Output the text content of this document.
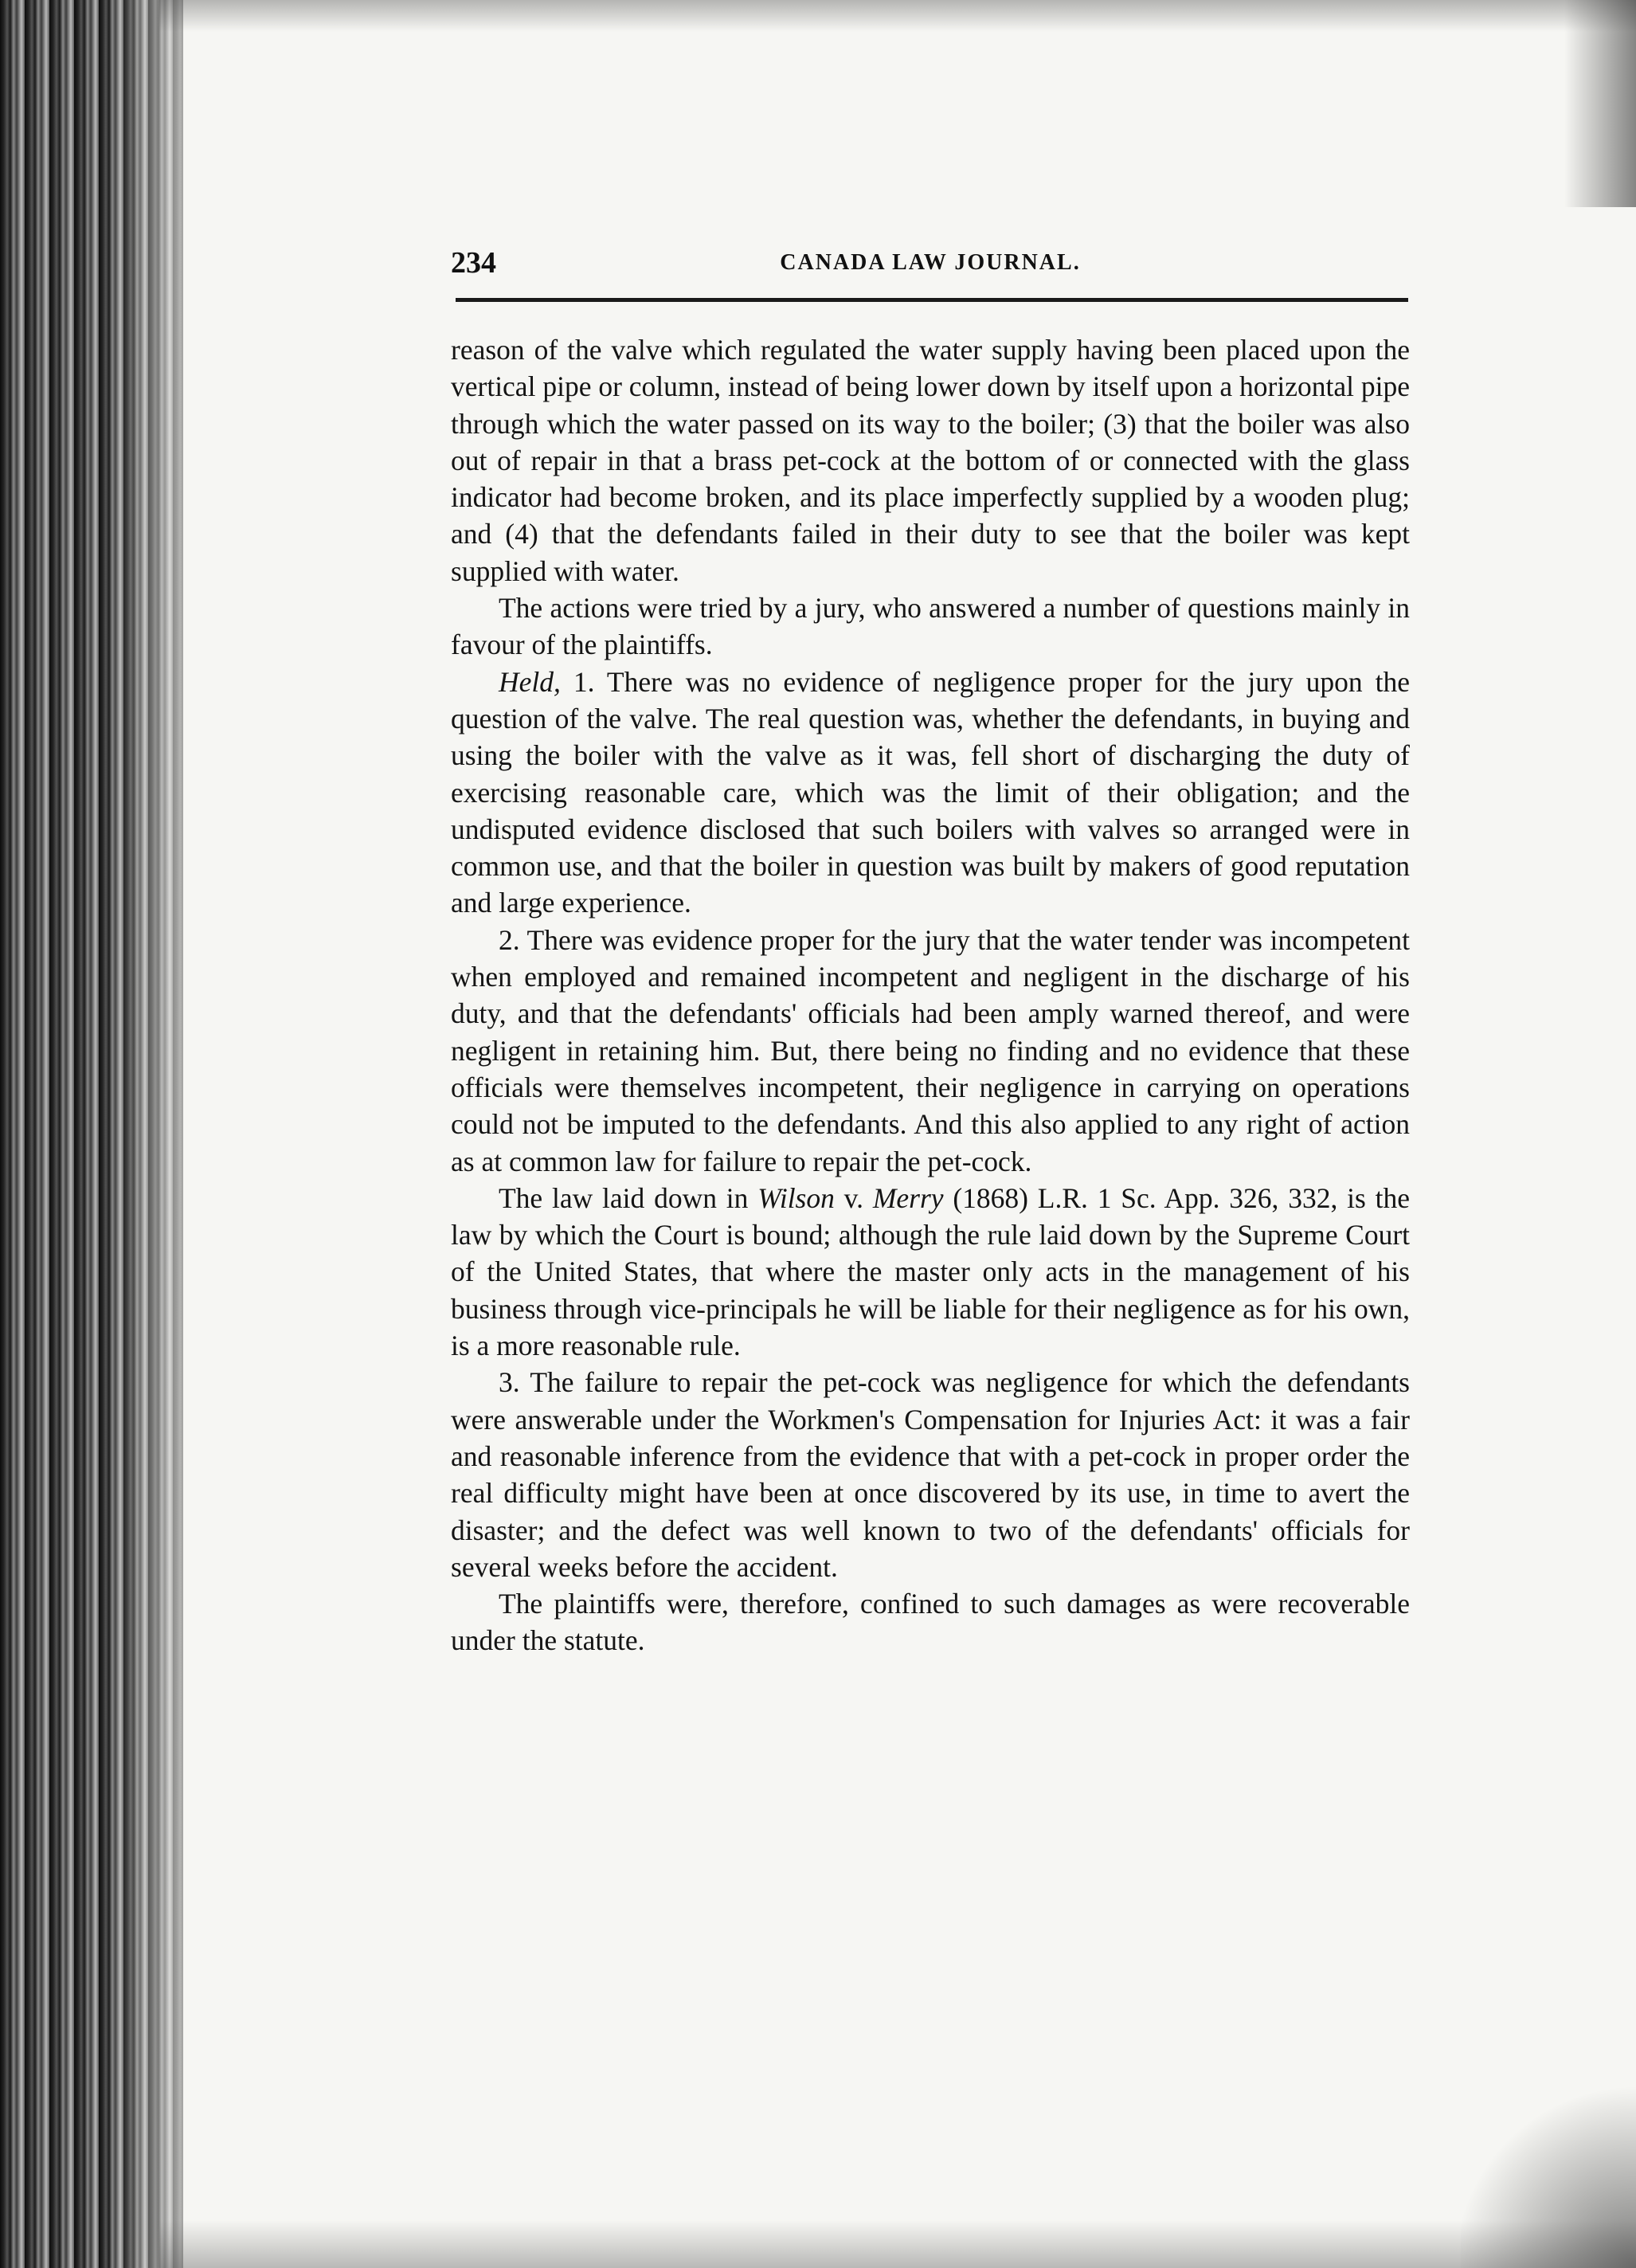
234	CANADA LAW JOURNAL.

reason of the valve which regulated the water supply having been placed upon the vertical pipe or column, instead of being lower down by itself upon a horizontal pipe through which the water passed on its way to the boiler; (3) that the boiler was also out of repair in that a brass pet-cock at the bottom of or connected with the glass indicator had become broken, and its place imperfectly supplied by a wooden plug; and (4) that the defendants failed in their duty to see that the boiler was kept supplied with water.

The actions were tried by a jury, who answered a number of questions mainly in favour of the plaintiffs.

Held, 1. There was no evidence of negligence proper for the jury upon the question of the valve. The real question was, whether the defendants, in buying and using the boiler with the valve as it was, fell short of discharging the duty of exercising reasonable care, which was the limit of their obligation; and the undisputed evidence disclosed that such boilers with valves so arranged were in common use, and that the boiler in question was built by makers of good reputation and large experience.

2. There was evidence proper for the jury that the water tender was incompetent when employed and remained incompetent and negligent in the discharge of his duty, and that the defendants' officials had been amply warned thereof, and were negligent in retaining him. But, there being no finding and no evidence that these officials were themselves incompetent, their negligence in carrying on operations could not be imputed to the defendants. And this also applied to any right of action as at common law for failure to repair the pet-cock.

The law laid down in Wilson v. Merry (1868) L.R. 1 Sc. App. 326, 332, is the law by which the Court is bound; although the rule laid down by the Supreme Court of the United States, that where the master only acts in the management of his business through vice-principals he will be liable for their negligence as for his own, is a more reasonable rule.

3. The failure to repair the pet-cock was negligence for which the defendants were answerable under the Workmen's Compensation for Injuries Act: it was a fair and reasonable inference from the evidence that with a pet-cock in proper order the real difficulty might have been at once discovered by its use, in time to avert the disaster; and the defect was well known to two of the defendants' officials for several weeks before the accident.

The plaintiffs were, therefore, confined to such damages as were recoverable under the statute.
